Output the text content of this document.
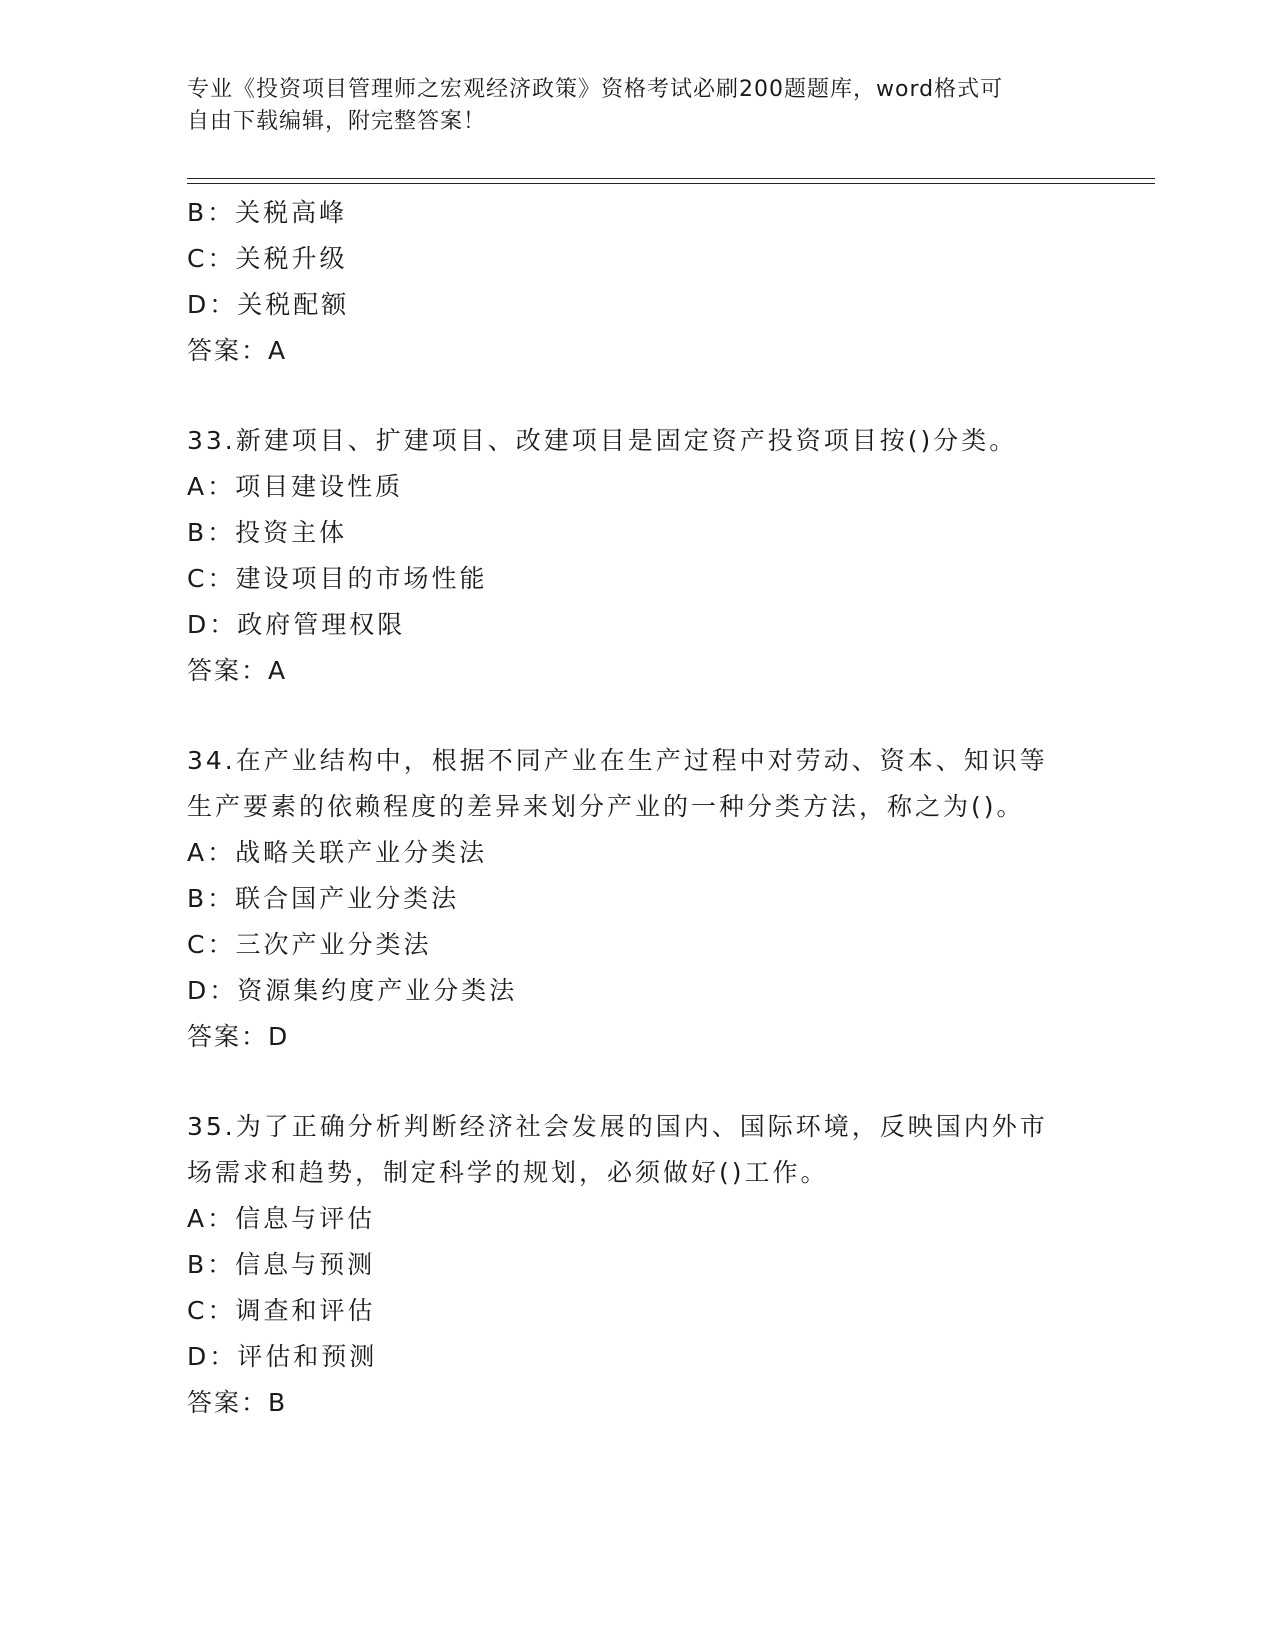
专业《投资项目管理师之宏观经济政策》资格考试必刷200题题库，word格式可
自由下载编辑，附完整答案！
B：关税高峰
C：关税升级
D：关税配额
答案：A
33.新建项目、扩建项目、改建项目是固定资产投资项目按()分类。
A：项目建设性质
B：投资主体
C：建设项目的市场性能
D：政府管理权限
答案：A
34.在产业结构中，根据不同产业在生产过程中对劳动、资本、知识等
生产要素的依赖程度的差异来划分产业的一种分类方法，称之为()。
A：战略关联产业分类法
B：联合国产业分类法
C：三次产业分类法
D：资源集约度产业分类法
答案：D
35.为了正确分析判断经济社会发展的国内、国际环境，反映国内外市
场需求和趋势，制定科学的规划，必须做好()工作。
A：信息与评估
B：信息与预测
C：调查和评估
D：评估和预测
答案：B
